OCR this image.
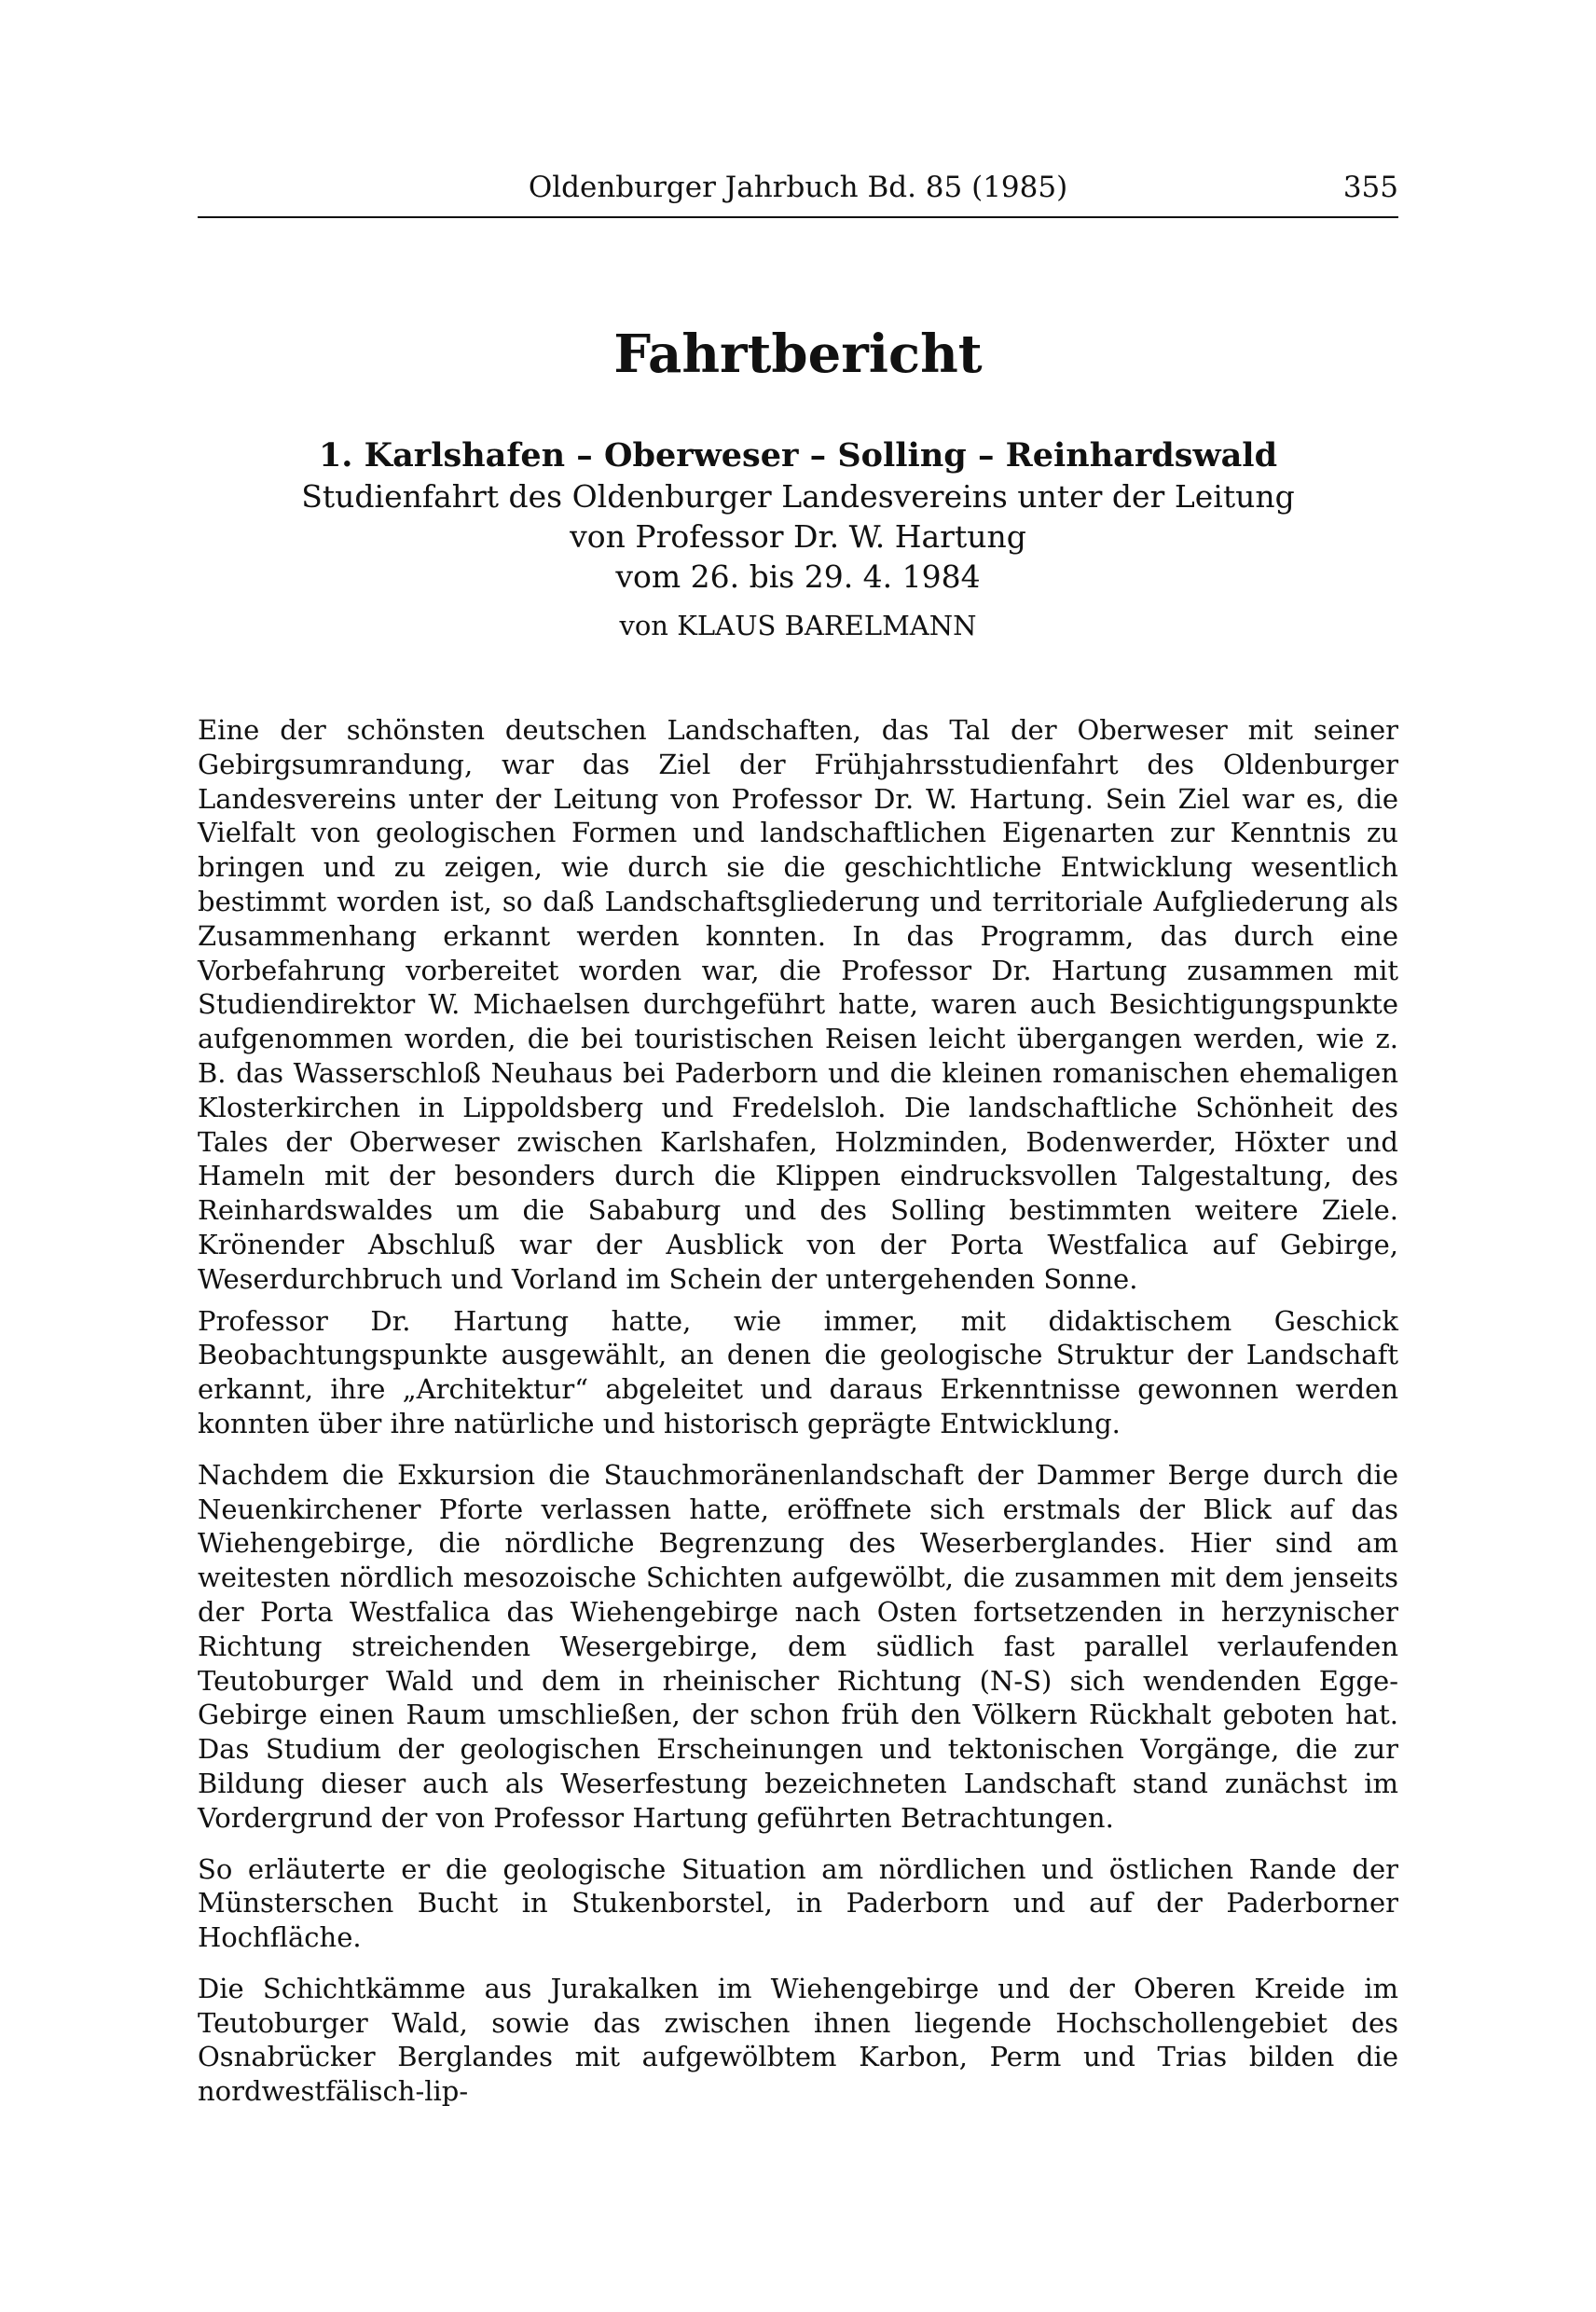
Oldenburger Jahrbuch Bd. 85 (1985)	355
Fahrtbericht
1. Karlshafen – Oberweser – Solling – Reinhardswald
Studienfahrt des Oldenburger Landesvereins unter der Leitung
von Professor Dr. W. Hartung
vom 26. bis 29. 4. 1984
von KLAUS BARELMANN

Eine der schönsten deutschen Landschaften, das Tal der Oberweser mit seiner Gebirgsumrandung, war das Ziel der Frühjahrsstudienfahrt des Oldenburger Landesvereins unter der Leitung von Professor Dr. W. Hartung. Sein Ziel war es, die Vielfalt von geologischen Formen und landschaftlichen Eigenarten zur Kenntnis zu bringen und zu zeigen, wie durch sie die geschichtliche Entwicklung wesentlich bestimmt worden ist, so daß Landschaftsgliederung und territoriale Aufgliederung als Zusammenhang erkannt werden konnten. In das Programm, das durch eine Vorbefahrung vorbereitet worden war, die Professor Dr. Hartung zusammen mit Studiendirektor W. Michaelsen durchgeführt hatte, waren auch Besichtigungspunkte aufgenommen worden, die bei touristischen Reisen leicht übergangen werden, wie z. B. das Wasserschloß Neuhaus bei Paderborn und die kleinen romanischen ehemaligen Klosterkirchen in Lippoldsberg und Fredelsloh. Die landschaftliche Schönheit des Tales der Oberweser zwischen Karlshafen, Holzminden, Bodenwerder, Höxter und Hameln mit der besonders durch die Klippen eindrucksvollen Talgestaltung, des Reinhardswaldes um die Sababurg und des Solling bestimmten weitere Ziele. Krönender Abschluß war der Ausblick von der Porta Westfalica auf Gebirge, Weserdurchbruch und Vorland im Schein der untergehenden Sonne.

Professor Dr. Hartung hatte, wie immer, mit didaktischem Geschick Beobachtungspunkte ausgewählt, an denen die geologische Struktur der Landschaft erkannt, ihre „Architektur“ abgeleitet und daraus Erkenntnisse gewonnen werden konnten über ihre natürliche und historisch geprägte Entwicklung.

Nachdem die Exkursion die Stauchmoränenlandschaft der Dammer Berge durch die Neuenkirchener Pforte verlassen hatte, eröffnete sich erstmals der Blick auf das Wiehengebirge, die nördliche Begrenzung des Weserberglandes. Hier sind am weitesten nördlich mesozoische Schichten aufgewölbt, die zusammen mit dem jenseits der Porta Westfalica das Wiehengebirge nach Osten fortsetzenden in herzynischer Richtung streichenden Wesergebirge, dem südlich fast parallel verlaufenden Teutoburger Wald und dem in rheinischer Richtung (N-S) sich wendenden Egge-Gebirge einen Raum umschließen, der schon früh den Völkern Rückhalt geboten hat. Das Studium der geologischen Erscheinungen und tektonischen Vorgänge, die zur Bildung dieser auch als Weserfestung bezeichneten Landschaft stand zunächst im Vordergrund der von Professor Hartung geführten Betrachtungen.

So erläuterte er die geologische Situation am nördlichen und östlichen Rande der Münsterschen Bucht in Stukenborstel, in Paderborn und auf der Paderborner Hochfläche.

Die Schichtkämme aus Jurakalken im Wiehengebirge und der Oberen Kreide im Teutoburger Wald, sowie das zwischen ihnen liegende Hochschollengebiet des Osnabrücker Berglandes mit aufgewölbtem Karbon, Perm und Trias bilden die nordwestfälisch-lip-
